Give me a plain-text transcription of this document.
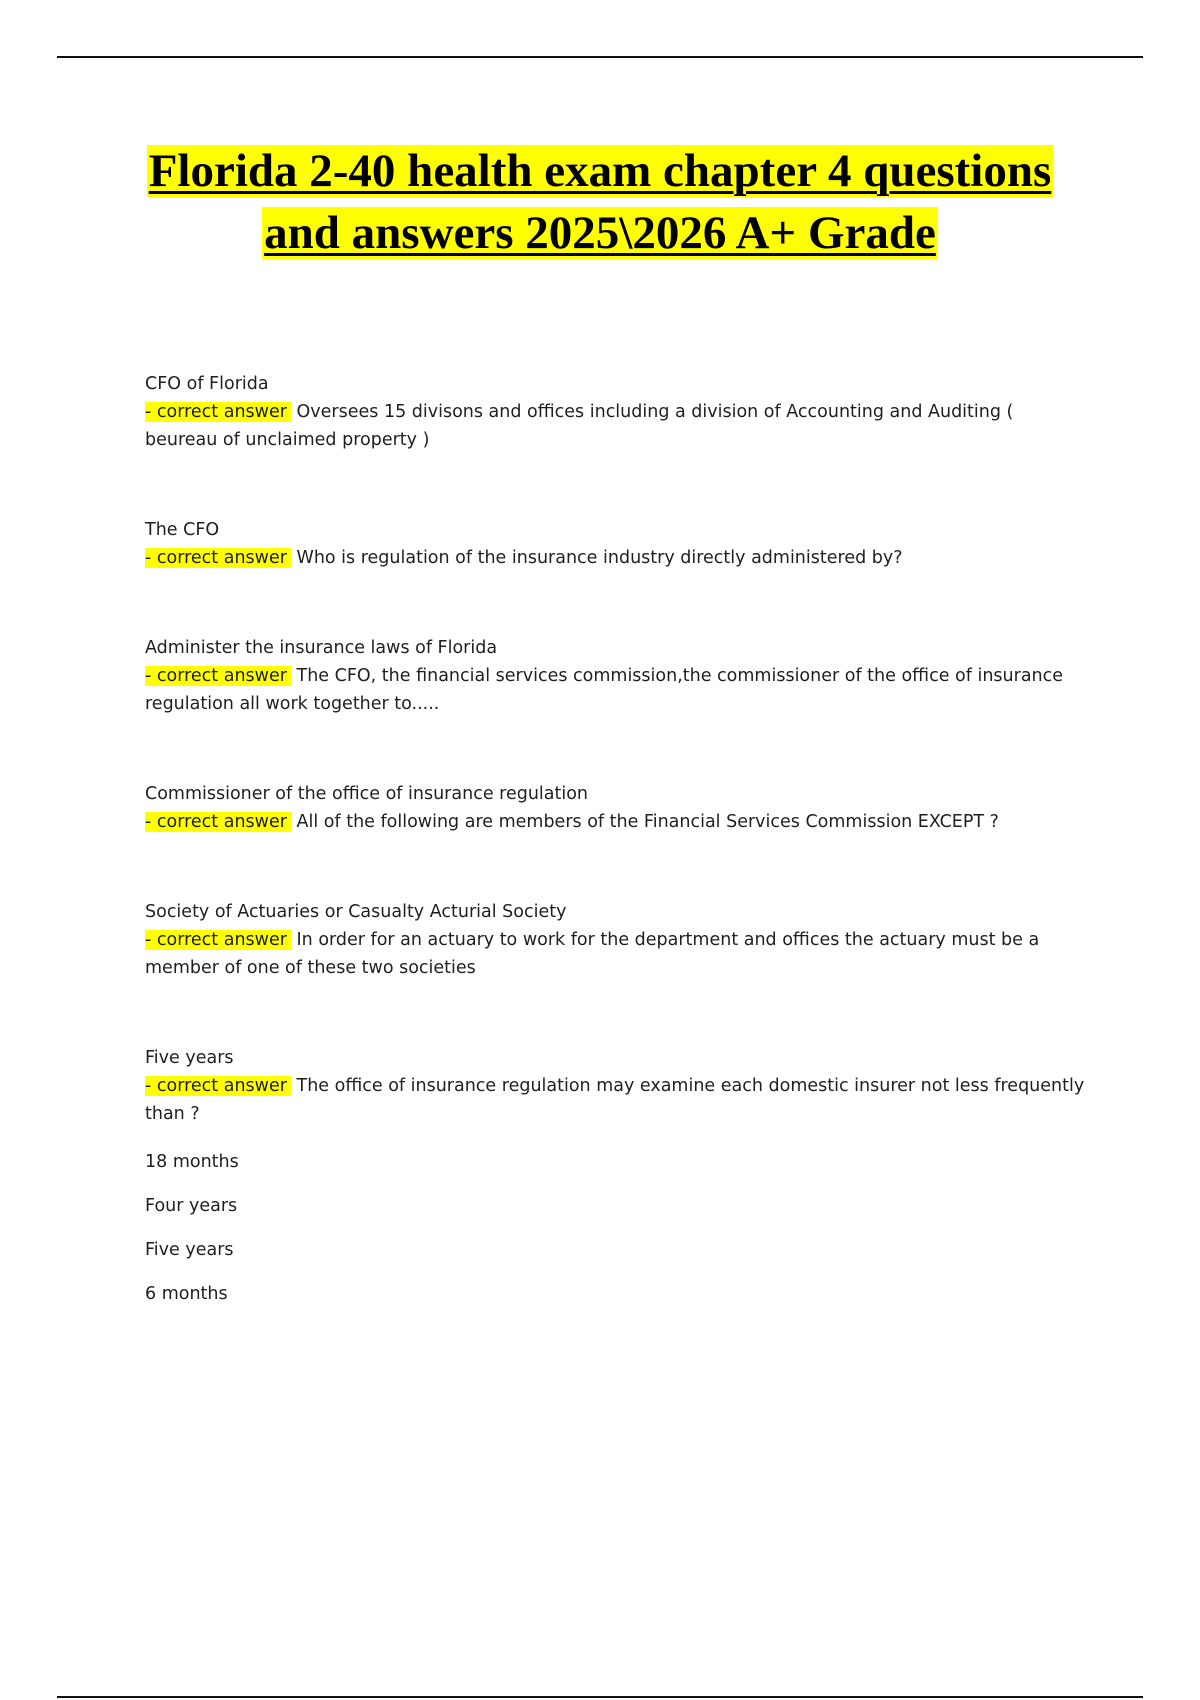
Florida 2-40 health exam chapter 4 questions
and answers 2025\2026 A+ Grade
CFO of Florida
- correct answer Oversees 15 divisons and offices including a division of Accounting and Auditing ( beureau of unclaimed property )
The CFO
- correct answer Who is regulation of the insurance industry directly administered by?
Administer the insurance laws of Florida
- correct answer The CFO, the financial services commission,the commissioner of the office of insurance regulation all work together to.....
Commissioner of the office of insurance regulation
- correct answer All of the following are members of the Financial Services Commission EXCEPT ?
Society of Actuaries or Casualty Acturial Society
- correct answer In order for an actuary to work for the department and offices the actuary must be a member of one of these two societies
Five years
- correct answer The office of insurance regulation may examine each domestic insurer not less frequently than ?
18 months
Four years
Five years
6 months
